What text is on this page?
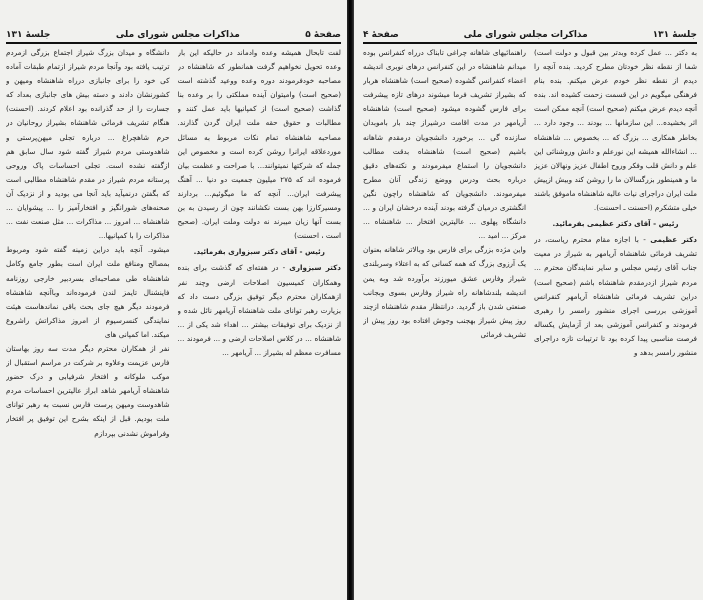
صفحهٔ ۵
مذاکرات مجلس شورای ملی
جلسهٔ ۱۳۱

لفت تابحال همیشه وعده وادماند در حالیکه این بار وعده تحویل نخواهیم گرفت همانطور که شاهنشاه در مصاحبه خودفرمودند دوره وعده ووعید گذشته است (صحیح است) وامیتوان آینده مملکتی را بر وعده بنا گذاشت (صحیح است) از کمپانیها باید عمل کنند و مطالبات و حقوق حقه ملت ایران گردن گذارند. مصاحبه شاهنشاه تمام نکات مربوط به مسائل موردعلاقه ایرانرا روشن کرده است و مخصوص این جمله که شرکتها نمیتوانند... با صراحت و عظمت بیان فرموده اند که ۲۷۵ میلیون جمعیت دو دنیا ... آهنگ پیشرفت ایران... آنچه که ما میگوئیم... بردارند ومسیرکارزا بهن بست نکشانند چون از رسیدن به بن بست آنها زیان میبرند نه دولت وملت ایران. (صحیح است ، احسنت)

رئیس - آقای دکتر سبزواری بفرمائید.

دکتر سبزواری - در هفته‌ای که گذشت برای بنده وهمکاران کمیسیون اصلاحات ارضی وچند نفر ازهمکاران محترم دیگر توفیق بزرگی دست داد که بزیارت رهبر توانای ملت شاهنشاه آریامهر نائل شده و از نزدیک برای توفیقات بیشتر ... اهداء شد یکی از ... شاهنشاه ... در کلاس اصلاحات ارضی و ... فرمودند ... مسافرت معظم له بشیراز ... آریامهر ...

دانشگاه و میدان بزرگ شیراز اجتماع بزرگی ازمردم ترتیب یافته بود وآنجا مردم شیراز ازتمام طبقات آماده کی خود را برای جانبازی درراه شاهنشاه ومیهن و کشورنشان دادند و دسته بیش های جانبازی بعداد که جسارت را از حد گذرانده بود اعلام کردند. (احسنت) هنگام تشریف فرمائی شاهنشاه بشیراز روحانیان در حرم شاهچراغ ... درباره تجلی میهن‌پرستی و شاهدوستی مردم شیراز گفته شود سال سابق هم ازگفته نشده است. تجلی احساسات پاک وروحی پرستانه مردم شیراز در مقدم شاهنشاه مطالبی است که بگفتن درنمیآید باید آنجا می بودید و از نزدیک آن صحنه‌های شورانگیز و افتخارآمیز را ... پیشوایان ... شاهنشاه ... امروز ... مذاکرات ... مثل صنعت نفت ... مذاکرات را با کمپانیها...

میشود. آنچه باید دراین زمینه گفته شود ومربوط بمصالح ومنافع ملت ایران است بطور جامع وکامل شاهنشاه طی مصاحبه‌ای بسردبیر خارجی روزنامه فاینشنال تایمز لندن فرموده‌اند وباآنچه شاهنشاه فرمودند دیگر هیچ جای بحث باقی نماندهاست هیئت نمایندگی کنسرسیوم از امروز مذاکراتش راشروع میکند. اما کمپانی های

نفر از همکاران محترم دیگر مدت سه روز بهاستان فارس عزیمت وعلاوه بر شرکت در مراسم استقبال از موکب ملوکانه و افتخار شرفیابی و درک حضور شاهنشاه آریامهر شاهد ابراز عالیترین احساسات مردم شاهدوست ومیهن پرست فارس نسبت به رهبر توانای ملت بودیم. قبل از اینکه بشرح این توفیق پر افتخار وفراموش نشدنی بپردازم

جلسهٔ ۱۳۱
مذاکرات مجلس شورای ملی
صفحهٔ ۴

به دکتر ... عمل کرده وبدتر بین قبول و دولت است) شما از نقطه نظر خودتان مطرح کردید. بنده آنچه را دیدم از نقطه نظر خودم عرض میکنم. بنده بنام فرهنگی میگویم در این قسمت زحمت کشیده اند. بنده آنچه دیدم عرض میکنم (صحیح است) آنچه ممکن است اثر بخشیده... این سازمانها ... بودند ... وجود دارد ... بخاطر همکاری ... بزرگ که ... بخصوص ... شاهنشاه ... انشاءالله همیشه این نورعلم و دانش وروشنائی این علم و دانش قلب وفکر وروح اطفال عزیز ونهالان عزیز ما و همینطور بزرگسالان ما را روشن کند وبیش ازپیش ملت ایران دراجرای نیات عالیه شاهنشاه ماموفق باشند خیلی متشکرم (احسنت ـ احسنت).

رئیس - آقای دکتر عظیمی بفرمائید.

دکتر عظیمی - با اجازه مقام محترم ریاست، در تشریف فرمائی شاهنشاه آریامهر به شیراز در معیت جناب آقای رئیس مجلس و سایر نمایندگان محترم ... مردم شیراز ازدرمقدم شاهنشاه باشم (صحیح است) دراین تشریف فرمائی شاهنشاه آریامهر کنفرانس آموزشی بررسی اجرای منشور رامسر را رهبری فرمودند و کنفرانس آموزشی بعد از آزمایش یکساله فرصت مناسبی پیدا کرده بود تا ترتیبات تازه دراجرای منشور رامسر بدهد و

راهنمائیهای شاهانه چراغی تابناک درراه کنفرانس بوده میدانم شاهنشاه در این کنفرانس درهای نوبری اندیشه اعضاء کنفرانس گشوده (صحیح است) شاهنشاه هربار که بشیراز تشریف فرما میشوند درهای تازه پیشرفت برای فارس گشوده میشود (صحیح است) شاهنشاه آریامهر در مدت اقامت درشیراز چند بار باموبدان سازنده گی ... برخورد دانشجویان درمقدم شاهانه باشیم (صحیح است) شاهنشاه بدقت مطالب دانشجویان را استماع میفرمودند و نکته‌های دقیق درباره بحث ودرس ووضع زندگی آنان مطرح میفرمودند. دانشجویان که شاهنشاه راچون نگین انگشتری درمیان گرفته بودند آینده درخشان ایران و ... دانشگاه پهلوی ... عالیترین افتخار ... شاهنشاه ... مرکز ... امید ...

واین مژده بزرگی برای فارس بود وبالاتر شاهانه بعنوان یک آرزوی بزرگ که همه کسانی که به اعتلاء وسربلندی شیراز وفارس عشق میورزند برآورده شد وبه‌ یمن اندیشه بلندشاهانه راه شیراز وفارس بسوی وبجانب صنعتی شدن باز گردید. درانتظار مقدم شاهنشاه ازچند روز پیش شیراز بهجنب وجوش افتاده بود روز پیش از تشریف فرمائی
